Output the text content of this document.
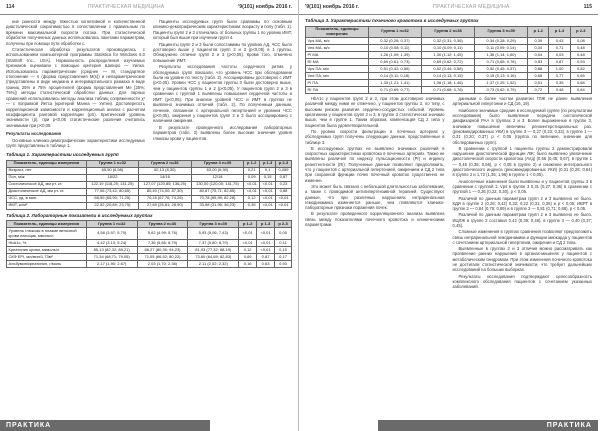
114	ПРАКТИЧЕСКАЯ МЕДИЦИНА	'9(101) ноябрь 2016 г.

ние ранности между тяжестью когнитивной и количественной диастолической сократимостью в сопоставлении с правильным по времени максимальной скорости потока. При статистической обработке полученных данных использовалась пакетами параметрам, получены при помощи пути обработки с.

Статистическая обработка результатов производилась с использованием компьютерной программы Statistica for Windows 6.0 (StatSoft Inc., USA). Нормальность распределения изучаемых признаков оценивали с помощью критерия Шапиро — Уилка. Использовались параметрические (среднее — M, стандартное отклонение — s (форма представления М(s)) и непараметрические (представлены в виде медиана и интерквартильного размаха в виде границ 25% и 75% процентилей (форма представления Ме [25%; 75%]) методы статистической обработки данных. Для парных сравнений использовались методы анализа таблиц сопряженности χ² — с поправкой Йетса (критерий Манна — Уитни). Достоверность корреляционной зависимости и корреляционный анализ с расчетом коэффициента ранговой корреляции (рS). Критический уровень значимости (р), при р<0,05 статистические различия считались значимыми при р<0,05.

Результаты исследования

Основные клинико-демографические характеристики исследуемых групп представлены в таблице 1.

Пациенты исследуемых групп были сравнимы по основным клинико-демографическим характеристикам: возрасту и полу (табл. 1). Пациенты групп 2 и 3 отличались от больных группы 1 по уровню ИМТ, который был выше при изучении групп 4.

Пациенты групп 2 и 3 были сопоставимы по уровню АД, ЧСС было достоверно выше у пациентов групп 2 и 3 (р<0,05) в 1 группы. Обнаружено отличие групп 2 и 3 (р<0,05). Кроме того, отмечено повышение ИМТ.

Результаты исследования частоты сердечного ритма у обследуемых групп показали, что уровень ЧСС при обследовании были на уровне по тексту (табл. 2). Ассоциированы достоверно с ИМТ (р<0,05). Уровни ЧСС у пациентов группы 3 были достоверно выше, чем у пациентов группы 1 и 2 (р<0,05). У пациентов групп 2 и 3 в сравнении с группой 1 выявлены повышения сердечной частоты и ИМТ (р<0,05). При анализе уровней ЧСС и ИМТ в группах не выявлено значимых отличий (табл. 2). По полученным данным, лечение, связанное с артериальной гипертонией и уровнем ЧСС (р<0,05), ожирения у пациентов групп 2 и 3 было ассоциировано с наличием ожирения.

В результате проведенного исследования лабораторных параметров (табл. 2) выявлены более высокие значения уровня глюкозы крови у пациентов.

Таблица 1. Характеристики исследуемых групп
Показатель, единицы измерения	Группа 1 n=32	Группа 2 n=36	Группа 3 n=39	р 1-2	р 1-3	р 2-3
Возраст, лет	65,50 (6,98)	62,13 (8,30)	63,00 (6,90)	0,21	0,1	0,089
Пол, м/ж	18/22	14/16	12/18	0,09	0,15	0,87
Систолическое АД, мм рт. ст.	122,19 (118,25; 131,25)	127,07 (120,85; 136,25)	130,00 (120,00; 141,75)	<0,01	<0,01	0,23
Диастолическое АД, мм рт. ст.	77,06 (73,42; 80,65)	80,40 (74,00; 87,30)	80,87 (75,71; 82,85)	<0,01	<0,01	0,88
ЧСС, уд. в мин.	68,59 (65,90; 71,25)	70,16 (67,76; 74,26)	70,78 (65,99; 82,28)	0,12	<0,01	<0,01
ИМТ, кг/м²	22,52 (20,89; 23,75)	27,89 (25,81; 28,90)	33,98 (31,95; 36,23)	0,35	<0,01	<0,01
Таблица 2. Лабораторные показатели в исследуемых группах
Показатель, единицы измерения	Группа 1 n=32	Группа 2 n=36	Группа 3 n=39	р 1-2	р 1-3	р 2-3
Уровень глюкозы в плазме венозной крови натощак, ммоль/л	4,58 (3,97; 5,70)	5,62 (4,99; 5,76)	5,93 (5,06; 7,43)	<0,01	<0,01	0,05
HbA1c, %	4,42 (3,13; 5,24)	7,36 (5,85; 8,79)	7,37 (5,80; 8,79)	<0,01	<0,01	0,11
Креатинин крови, мкмоль/л	85,13 (82,32; 89,21)	86,27 (80,30; 94,23)	81,93 (77,32; 88,19)	0,12	<0,01	0,15
СКФ EPI, мл/мин/1,73м²	71,34 (68,71; 79,05)	71,05 (66,52; 80,22)	73,60 (64,69; 82,83)	0,69	0,87	0,17
Альбумин/креатинин, г/моль	2,17 (1,90; 2,67)	2,03 (1,70; 2,36)	2,11 (2,02; 2,32)	0,16	0,63	0,93
ПРАКТИКА
'9(101) ноябрь 2016 г.	ПРАКТИЧЕСКАЯ МЕДИЦИНА	115
Таблица 3. Характеристики почечного кровотока в исследуемых группах
Показатель, единицы измерения	Группа 1 n=32	Группа 2 n=36	Группа 3 n=39	р 1-2	р 1-3	р 2-3
Vps MA, м/с	0,32 (0,26; 0,37)	0,32 (0,31; 0,36)	0,34 (0,28; 0,29)	0,39	0,43	0,08
Ved MA, м/с	0,10 (0,08; 0,11)	0,10 (0,09; 0,11)	0,11 (0,09; 0,14)	0,34	0,71	0,48
PI MA	1,26 (1,09; 1,39)	1,30 (1,12; 1,45)	1,36 (1,14; 1,60)	0,54	0,03	0,48
RI MA	0,69 (0,61; 0,73)	0,69 (0,62; 0,72)	0,71 (0,65; 0,76)	0,53	0,87	0,93
Vps ПА, м/с	0,51 (0,42; 0,56)	0,52 (0,44; 0,58)	0,52 (0,45; 0,57)	0,88	1,00	0,52
Ved ПА, м/с	0,14 (0,11; 0,18)	0,14 (0,13; 0,15)	0,15 (0,13; 0,16)	0,66	0,77	0,65
PI ПА	1,33 (1,21; 1,41)	1,36 (1,18; 1,46)	1,37 (1,25; 1,52)	0,51	0,35	0,68
RI ПА	0,71 (0,69; 0,77)	0,71 (0,68; 0,76)	0,73 (0,62; 0,79)	0,72	0,48	0,84

HbA1c у пациентов групп 2 и 3, при этом достоверно значимых различий между ними не отмечено, у пациентов группы 3, по типу, с высоким риском развития сердечно-сосудистых событий. Уровень креатинина у пациентов групп 2 и 3, в группе 3 статистически значимо выше, чем в группе 1. Таким образом, компенсация СД 2 типа у пациентов была удовлетворительной.

По уровню скорости фильтрации в почечных артериях у обследуемых групп получены следующие данные, представленные в таблице 3.

В исследуемых группах не выявлено значимых различий в скоростных характеристиках кровотока в почечных артериях. Также не выявлены различия по индексу пульсационности (PI) и индексу резистентности (RI). Полученные данные позволяют предположить, что у пациентов с артериальной гипертонией, ожирением и СД 2 типа при сохранной функции почек почечный кровоток существенно не изменен.

Это может быть связано с небольшой длительностью заболевания, а также с проводимой антигипертензивной терапией. Существуют данные, что при различных нарушениях интраренальная гемодинамика изменяется раньше, чем появляются клинико-лабораторные признаки поражения почек.

В результате проведенного корреляционного анализа выявлена связь между показателями почечного кровотока и клиническими параметрами.

данными о более частом развитии ГЛЖ не ранее выявления артериальной гипертонии и СД (16, 19).

Наиболее значимые средние в исследуемой группе (по результатам исследования) было выявление передачи систолической диафизарной РАА в группах 2 и 3. Более выраженные в группе 3, значимое повышение величины реноинтерстициальных раз. (рекоминдированных УКИ) в группе 3 — 0,27 (0,23; 0,33), в группе 1 — 0,31 (0,20; 0,37) р < 0,05 (группа по величине, значение для обследованных групп).

В сравнении с группой 1 пациенты группы 2 демонстрировали нарушение диастолической функции ЛЖ: было выявлено увеличение диастолической скорости кровотока (AVд) (0,56 (0,45; 0,67), в группе 1 — 0,46 (0,36; 0,56), р < 0,05 в группе 2) и снижение интегрального диастолического индекса (рекоминдированных УКИ) (0,31 (0,26; 0,64) в группе 2 и 1,72 (1,35; 1,96) в группе 1 < 0,05).

Аналогичные изменения были выявлены и у пациентов группы 3 в сравнении с группой 1: Vps в группе 3 0,31 (0,27; 0,36) в сравнении с группой 1 — 0,26 (0,22; 0,30), р < 0,05.

Различий по данным параметрам групп 2 и 3 выявлено не было. КДИ в группе 2 (0,26; 0,42) 0,32; 0,22 (0,31; 0,35) и р < 0,05; ИВРТ в группе 2 — 0,84 (0,76; 0,89) и в группе 3 — 0,81 (0,71; 0,88), р < 0,05.

Различий по данным параметрам групп 2 и 3 выявлено не было. ИЦЛЖ в группе 2 составил 0,42 (0,39; 0,46), в группе 3 — 0,40 (0,37; 0,45).

Сложные изменения в группах сравнения позволяют предположить связь интраренальной гемодинамики и функции миокарда у пациентов с сочетанием артериальной гипертонии, ожирения и СД 2 типа.

Выявленные в группах 2 и 3 отличия можно рассматривать как проявление ранних нарушений в органах-мишенях у пациентов с метаболическим синдромом. При этом изменения почечного кровотока не достигали статистической значимости, что требует дальнейших исследований на больших выборках.

Результаты исследования подтверждают целесообразность комплексного обследования пациентов с сочетанием указанных заболеваний.

ПРАКТИКА
